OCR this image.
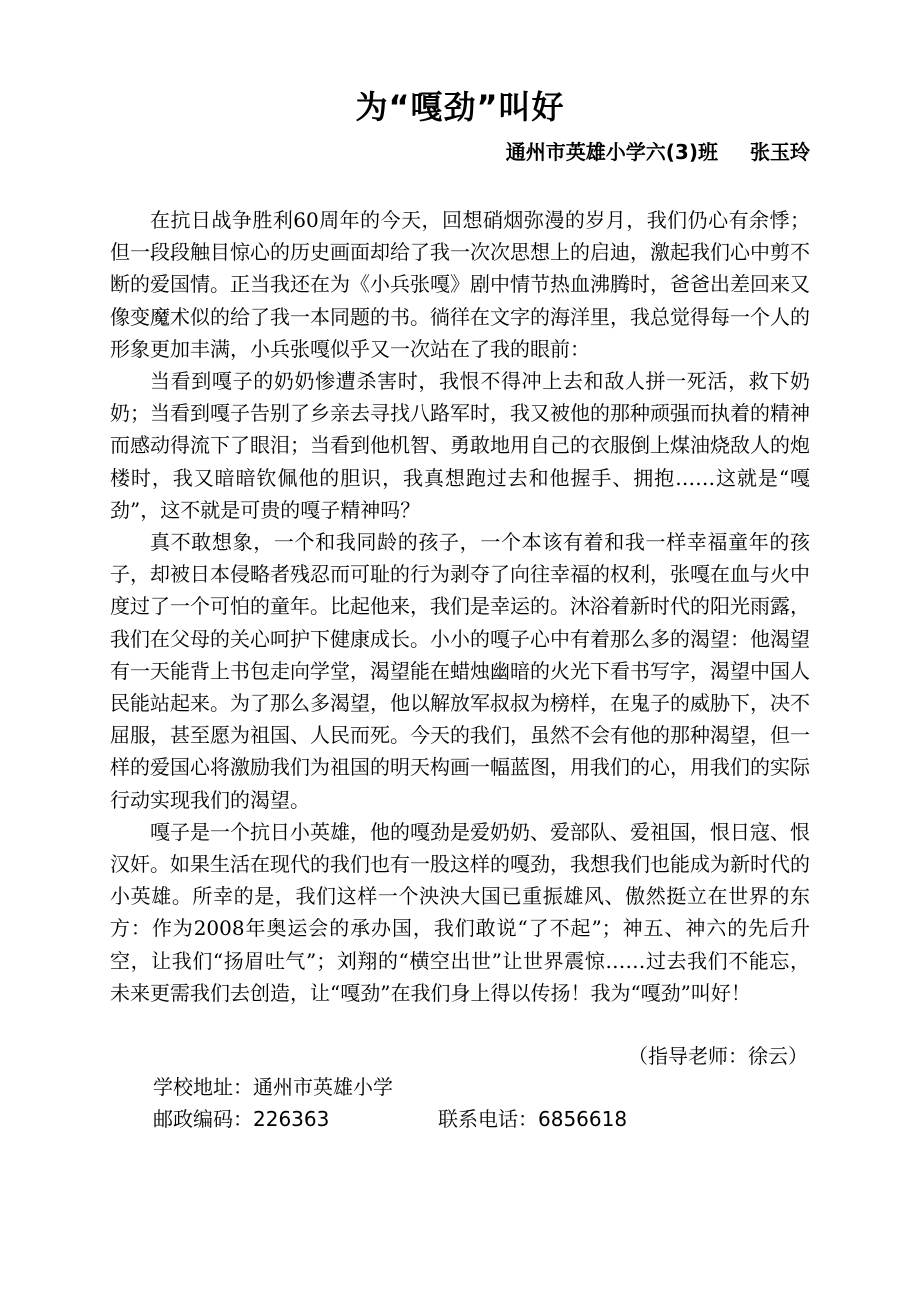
为“嘎劲”叫好
通州市英雄小学六(3)班 张玉玲

在抗日战争胜利60周年的今天，回想硝烟弥漫的岁月，我们仍心有余悸；但一段段触目惊心的历史画面却给了我一次次思想上的启迪，激起我们心中剪不断的爱国情。正当我还在为《小兵张嘎》剧中情节热血沸腾时，爸爸出差回来又像变魔术似的给了我一本同题的书。徜徉在文字的海洋里，我总觉得每一个人的形象更加丰满，小兵张嘎似乎又一次站在了我的眼前：

当看到嘎子的奶奶惨遭杀害时，我恨不得冲上去和敌人拼一死活，救下奶奶；当看到嘎子告别了乡亲去寻找八路军时，我又被他的那种顽强而执着的精神而感动得流下了眼泪；当看到他机智、勇敢地用自己的衣服倒上煤油烧敌人的炮楼时，我又暗暗钦佩他的胆识，我真想跑过去和他握手、拥抱……这就是“嘎劲”，这不就是可贵的嘎子精神吗？

真不敢想象，一个和我同龄的孩子，一个本该有着和我一样幸福童年的孩子，却被日本侵略者残忍而可耻的行为剥夺了向往幸福的权利，张嘎在血与火中度过了一个可怕的童年。比起他来，我们是幸运的。沐浴着新时代的阳光雨露，我们在父母的关心呵护下健康成长。小小的嘎子心中有着那么多的渴望：他渴望有一天能背上书包走向学堂，渴望能在蜡烛幽暗的火光下看书写字，渴望中国人民能站起来。为了那么多渴望，他以解放军叔叔为榜样，在鬼子的威胁下，决不屈服，甚至愿为祖国、人民而死。今天的我们，虽然不会有他的那种渴望，但一样的爱国心将激励我们为祖国的明天构画一幅蓝图，用我们的心，用我们的实际行动实现我们的渴望。

嘎子是一个抗日小英雄，他的嘎劲是爱奶奶、爱部队、爱祖国，恨日寇、恨汉奸。如果生活在现代的我们也有一股这样的嘎劲，我想我们也能成为新时代的小英雄。所幸的是，我们这样一个泱泱大国已重振雄风、傲然挺立在世界的东方：作为2008年奥运会的承办国，我们敢说“了不起”；神五、神六的先后升空，让我们“扬眉吐气”；刘翔的“横空出世”让世界震惊……过去我们不能忘，未来更需我们去创造，让“嘎劲”在我们身上得以传扬！我为“嘎劲”叫好！

（指导老师：徐云）
学校地址：通州市英雄小学
邮政编码：226363	联系电话：6856618
